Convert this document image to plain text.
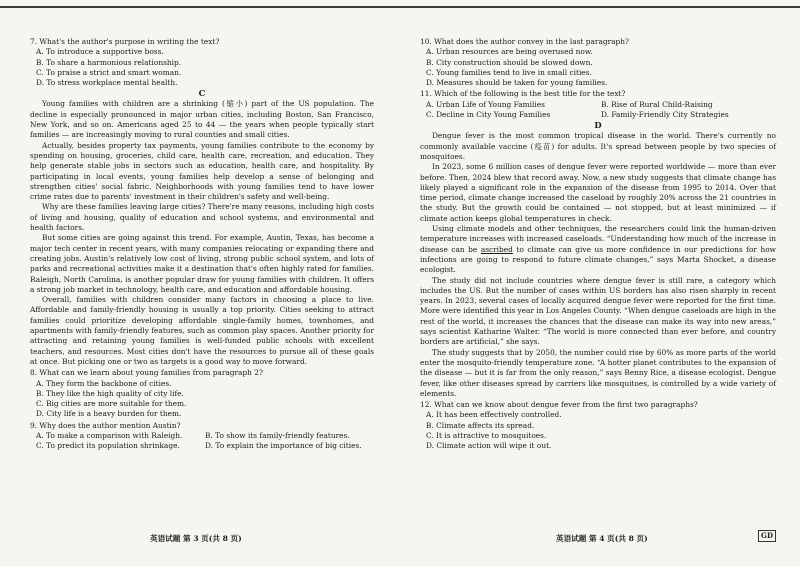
7. What's the author's purpose in writing the text?

A. To introduce a supportive boss.

B. To share a harmonious relationship.

C. To praise a strict and smart woman.

D. To stress workplace mental health.

C

Young families with children are a shrinking (缩小) part of the US population. The decline is especially pronounced in major urban cities, including Boston, San Francisco, New York, and so on. Americans aged 25 to 44 — the years when people typically start families — are increasingly moving to rural counties and small cities.

Actually, besides property tax payments, young families contribute to the economy by spending on housing, groceries, child care, health care, recreation, and education. They help generate stable jobs in sectors such as education, health care, and hospitality. By participating in local events, young families help develop a sense of belonging and strengthen cities' social fabric. Neighborhoods with young families tend to have lower crime rates due to parents' investment in their children's safety and well-being.

Why are these families leaving large cities? There're many reasons, including high costs of living and housing, quality of education and school systems, and environmental and health factors.

But some cities are going against this trend. For example, Austin, Texas, has become a major tech center in recent years, with many companies relocating or expanding there and creating jobs. Austin's relatively low cost of living, strong public school system, and lots of parks and recreational activities make it a destination that's often highly rated for families. Raleigh, North Carolina, is another popular draw for young families with children. It offers a strong job market in technology, health care, and education and affordable housing.

Overall, families with children consider many factors in choosing a place to live. Affordable and family-friendly housing is usually a top priority. Cities seeking to attract families could prioritize developing affordable single-family homes, townhomes, and apartments with family-friendly features, such as common play spaces. Another priority for attracting and retaining young families is well-funded public schools with excellent teachers, and resources. Most cities don't have the resources to pursue all of these goals at once. But picking one or two as targets is a good way to move forward.

8. What can we learn about young families from paragraph 2?

A. They form the backbone of cities.

B. They like the high quality of city life.

C. Big cities are more suitable for them.

D. City life is a heavy burden for them.

9. Why does the author mention Austin?

A. To make a comparison with Raleigh.	B. To show its family-friendly features.
C. To predict its population shrinkage.	D. To explain the importance of big cities.

10. What does the author convey in the last paragraph?

A. Urban resources are being overused now.

B. City construction should be slowed down.

C. Young families tend to live in small cities.

D. Measures should be taken for young families.

11. Which of the following is the best title for the text?

A. Urban Life of Young Families	B. Rise of Rural Child-Raising
C. Decline in City Young Families	D. Family-Friendly City Strategies

D

Dengue fever is the most common tropical disease in the world. There's currently no commonly available vaccine (疫苗) for adults. It's spread between people by two species of mosquitoes.

In 2023, some 6 million cases of dengue fever were reported worldwide — more than ever before. Then, 2024 blew that record away. Now, a new study suggests that climate change has likely played a significant role in the expansion of the disease from 1995 to 2014. Over that time period, climate change increased the caseload by roughly 20% across the 21 countries in the study. But the growth could be contained — not stopped, but at least minimized — if climate action keeps global temperatures in check.

Using climate models and other techniques, the researchers could link the human-driven temperature increases with increased caseloads. “Understanding how much of the increase in disease can be ascribed to climate can give us more confidence in our predictions for how infections are going to respond to future climate changes,” says Marta Shocket, a disease ecologist.

The study did not include countries where dengue fever is still rare, a category which includes the US. But the number of cases within US borders has also risen sharply in recent years. In 2023, several cases of locally acquired dengue fever were reported for the first time. More were identified this year in Los Angeles County. “When dengue caseloads are high in the rest of the world, it increases the chances that the disease can make its way into new areas,” says scientist Katharine Walter. “The world is more connected than ever before, and country borders are artificial,” she says.

The study suggests that by 2050, the number could rise by 60% as more parts of the world enter the mosquito-friendly temperature zone. “A hotter planet contributes to the expansion of the disease — but it is far from the only reason,” says Benny Rice, a disease ecologist. Dengue fever, like other diseases spread by carriers like mosquitoes, is controlled by a wide variety of elements.

12. What can we know about dengue fever from the first two paragraphs?

A. It has been effectively controlled.

B. Climate affects its spread.

C. It is attractive to mosquitoes.

D. Climate action will wipe it out.

英语试题 第 3 页(共 8 页)	英语试题 第 4 页(共 8 页)	GD
